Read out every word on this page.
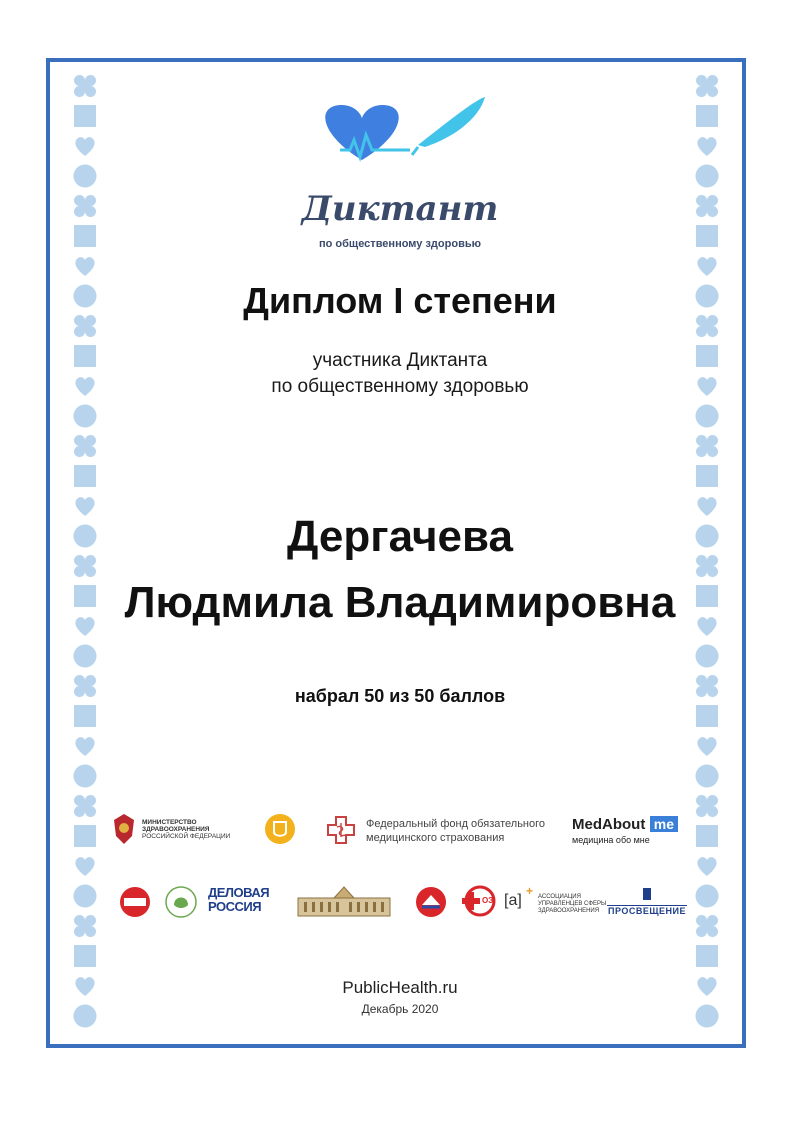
Диктант
по общественному здоровью
Диплом I степени
участника Диктанта
по общественному здоровью
Дергачева
Людмила Владимировна
набрал 50 из 50 баллов
МИНИСТЕРСТВО
ЗДРАВООХРАНЕНИЯ
РОССИЙСКОЙ ФЕДЕРАЦИИ
Федеральный фонд обязательного
медицинского страхования
MedAbout me
медицина обо мне
ДЕЛОВАЯ
РОССИЯ	ОЗ [a]
+ АССОЦИАЦИЯ
УПРАВЛЕНЦЕВ СФЕРЫ
ЗДРАВООХРАНЕНИЯ ПРОСВЕЩЕНИЕ
PublicHealth.ru
Декабрь 2020
